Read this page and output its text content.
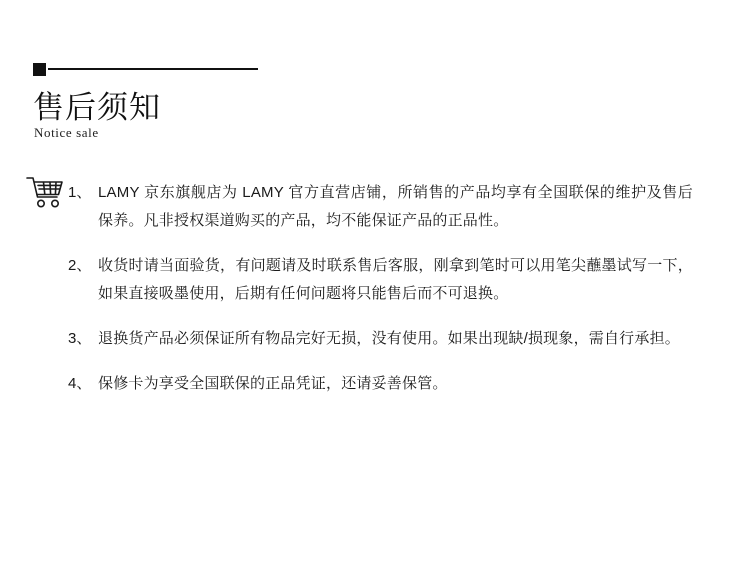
售后须知
Notice sale
1、 LAMY 京东旗舰店为 LAMY 官方直营店铺，所销售的产品均享有全国联保的维护及售后保养。凡非授权渠道购买的产品，均不能保证产品的正品性。
2、 收货时请当面验货，有问题请及时联系售后客服，刚拿到笔时可以用笔尖蘸墨试写一下，如果直接吸墨使用，后期有任何问题将只能售后而不可退换。
3、 退换货产品必须保证所有物品完好无损，没有使用。如果出现缺/损现象，需自行承担。
4、 保修卡为享受全国联保的正品凭证，还请妥善保管。
